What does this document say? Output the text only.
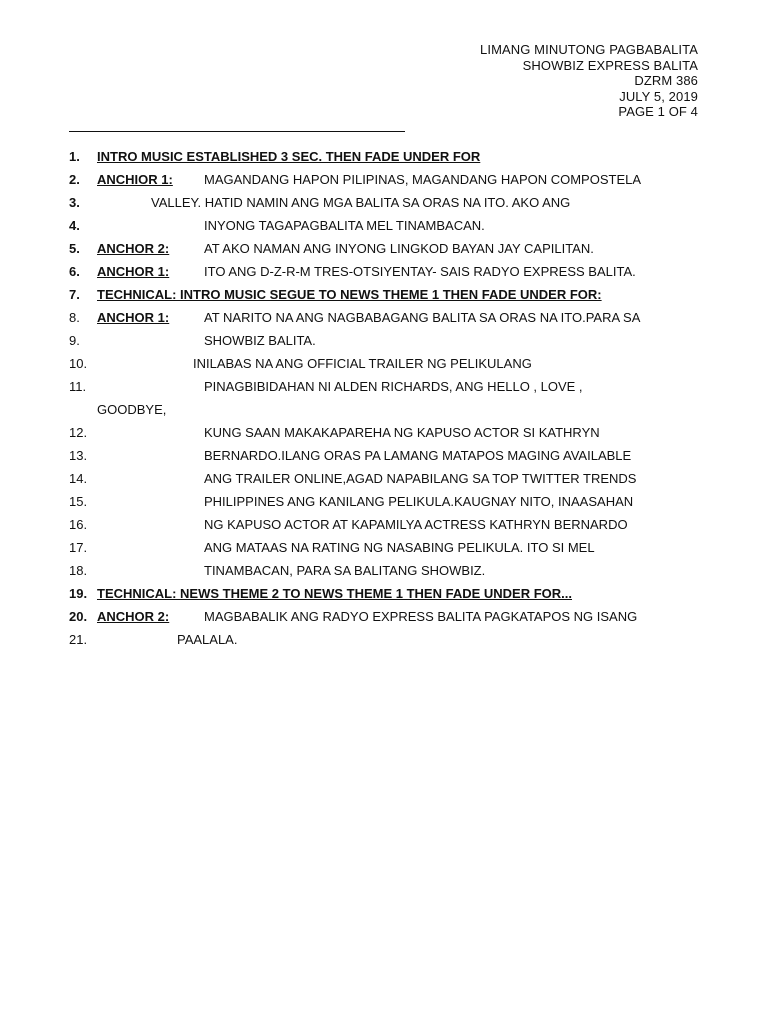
LIMANG MINUTONG PAGBABALITA
SHOWBIZ EXPRESS BALITA
DZRM 386
JULY 5, 2019
PAGE 1 OF 4
1. INTRO MUSIC ESTABLISHED 3 SEC. THEN FADE UNDER FOR
2. ANCHIOR 1: MAGANDANG HAPON PILIPINAS, MAGANDANG HAPON COMPOSTELA
3.	VALLEY. HATID NAMIN ANG MGA BALITA SA ORAS NA ITO. AKO ANG
4.	INYONG TAGAPAGBALITA MEL TINAMBACAN.
5. ANCHOR 2:	AT AKO NAMAN ANG INYONG LINGKOD BAYAN JAY CAPILITAN.
6. ANCHOR 1:	ITO ANG D-Z-R-M TRES-OTSIYENTAY- SAIS RADYO EXPRESS BALITA.
7. TECHNICAL: INTRO MUSIC SEGUE TO NEWS THEME 1 THEN FADE UNDER FOR:
8. ANCHOR 1:	AT NARITO NA ANG NAGBABAGANG BALITA SA ORAS NA ITO.PARA SA
9.	SHOWBIZ BALITA.
10.	INILABAS NA ANG OFFICIAL TRAILER NG PELIKULANG
11.	PINAGBIBIDAHAN NI ALDEN RICHARDS, ANG HELLO , LOVE ,
GOODBYE,
12.	KUNG SAAN MAKAKAPAREHA NG KAPUSO ACTOR SI KATHRYN
13.	BERNARDO.ILANG ORAS PA LAMANG MATAPOS MAGING AVAILABLE
14.	ANG TRAILER ONLINE,AGAD NAPABILANG SA TOP TWITTER TRENDS
15.	PHILIPPINES ANG KANILANG PELIKULA.KAUGNAY NITO, INAASAHAN
16.	NG KAPUSO ACTOR AT KAPAMILYA ACTRESS KATHRYN BERNARDO
17.	ANG MATAAS NA RATING NG NASABING PELIKULA. ITO SI MEL
18.	TINAMBACAN, PARA SA BALITANG SHOWBIZ.
19. TECHNICAL: NEWS THEME 2 TO NEWS THEME 1 THEN FADE UNDER FOR...
20. ANCHOR 2:	MAGBABALIK ANG RADYO EXPRESS BALITA PAGKATAPOS NG ISANG
21.	PAALALA.
